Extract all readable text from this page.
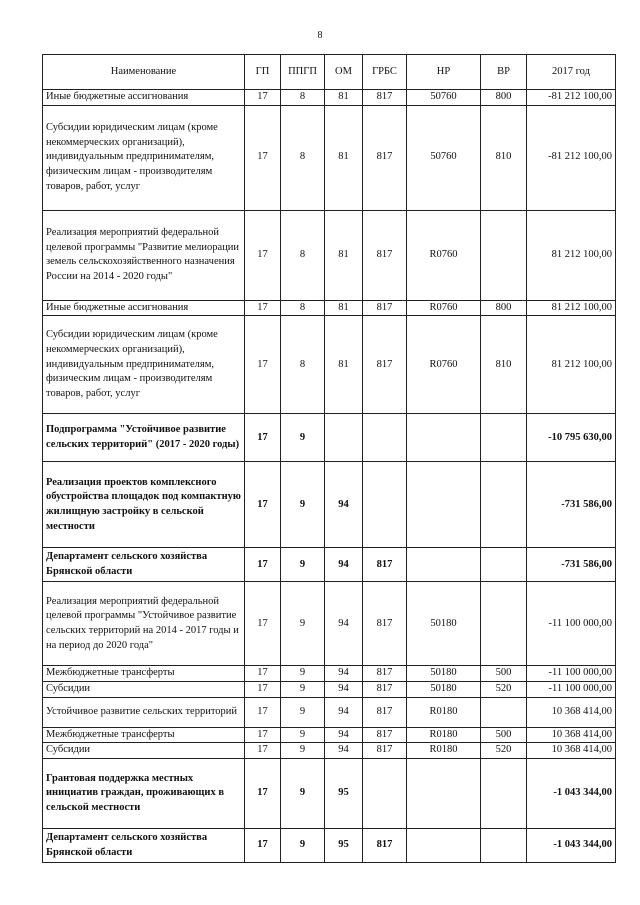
8
Наименование	ГП	ППГП	ОМ	ГРБС	НР	ВР	2017 год
Иные бюджетные ассигнования	17	8	81	817	50760	800	-81 212 100,00
Субсидии юридическим лицам (кроме некоммерческих организаций), индивидуальным предпринимателям, физическим лицам - производителям товаров, работ, услуг	17	8	81	817	50760	810	-81 212 100,00
Реализация мероприятий федеральной целевой программы "Развитие мелиорации земель сельскохозяйственного назначения России на 2014 - 2020 годы"	17	8	81	817	R0760		81 212 100,00
Иные бюджетные ассигнования	17	8	81	817	R0760	800	81 212 100,00
Субсидии юридическим лицам (кроме некоммерческих организаций), индивидуальным предпринимателям, физическим лицам - производителям товаров, работ, услуг	17	8	81	817	R0760	810	81 212 100,00
Подпрограмма "Устойчивое развитие сельских территорий" (2017 - 2020 годы)	17	9					-10 795 630,00
Реализация проектов комплексного обустройства площадок под компактную жилищную застройку в сельской местности	17	9	94				-731 586,00
Департамент сельского хозяйства Брянской области	17	9	94	817			-731 586,00
Реализация мероприятий федеральной целевой программы "Устойчивое развитие сельских территорий на 2014 - 2017 годы и на период до 2020 года"	17	9	94	817	50180		-11 100 000,00
Межбюджетные трансферты	17	9	94	817	50180	500	-11 100 000,00
Субсидии	17	9	94	817	50180	520	-11 100 000,00
Устойчивое развитие сельских территорий	17	9	94	817	R0180		10 368 414,00
Межбюджетные трансферты	17	9	94	817	R0180	500	10 368 414,00
Субсидии	17	9	94	817	R0180	520	10 368 414,00
Грантовая поддержка местных инициатив граждан, проживающих в сельской местности	17	9	95				-1 043 344,00
Департамент сельского хозяйства Брянской области	17	9	95	817			-1 043 344,00
